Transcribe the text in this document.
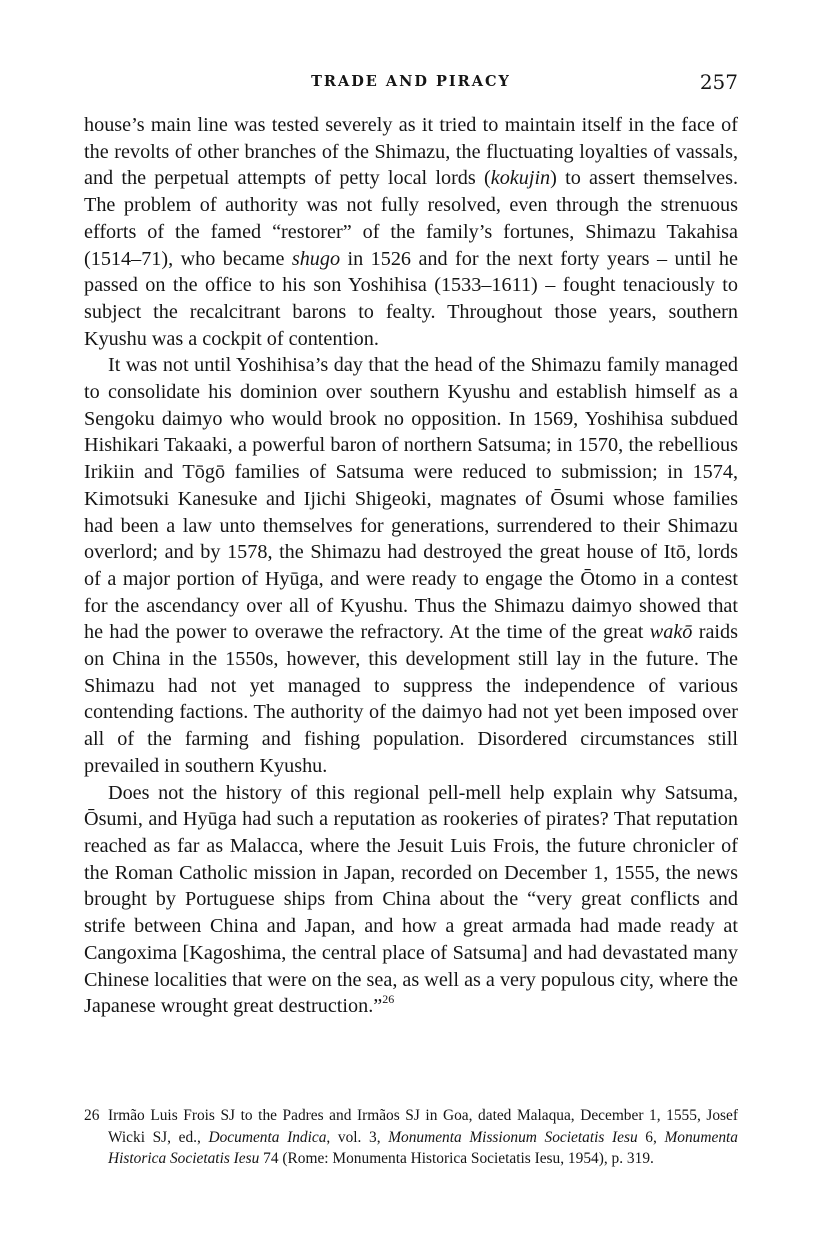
TRADE AND PIRACY	257

house’s main line was tested severely as it tried to maintain itself in the face of the revolts of other branches of the Shimazu, the fluctuating loyalties of vassals, and the perpetual attempts of petty local lords (kokujin) to assert themselves. The problem of authority was not fully resolved, even through the strenuous efforts of the famed “restorer” of the family’s fortunes, Shimazu Takahisa (1514–71), who became shugo in 1526 and for the next forty years – until he passed on the office to his son Yoshihisa (1533–1611) – fought tenaciously to subject the recalcitrant barons to fealty. Throughout those years, southern Kyushu was a cockpit of contention.

It was not until Yoshihisa’s day that the head of the Shimazu family managed to consolidate his dominion over southern Kyushu and establish himself as a Sengoku daimyo who would brook no opposition. In 1569, Yoshihisa subdued Hishikari Takaaki, a powerful baron of northern Satsuma; in 1570, the rebellious Irikiin and Tōgō families of Satsuma were reduced to submission; in 1574, Kimotsuki Kanesuke and Ijichi Shigeoki, magnates of Ōsumi whose families had been a law unto themselves for generations, surrendered to their Shimazu overlord; and by 1578, the Shimazu had destroyed the great house of Itō, lords of a major portion of Hyūga, and were ready to engage the Ōtomo in a contest for the ascendancy over all of Kyushu. Thus the Shimazu daimyo showed that he had the power to overawe the refractory. At the time of the great wakō raids on China in the 1550s, however, this development still lay in the future. The Shimazu had not yet managed to suppress the independence of various contending factions. The authority of the daimyo had not yet been imposed over all of the farming and fishing population. Disordered circumstances still prevailed in southern Kyushu.

Does not the history of this regional pell-mell help explain why Satsuma, Ōsumi, and Hyūga had such a reputation as rookeries of pirates? That reputation reached as far as Malacca, where the Jesuit Luis Frois, the future chronicler of the Roman Catholic mission in Japan, recorded on December 1, 1555, the news brought by Portuguese ships from China about the “very great conflicts and strife between China and Japan, and how a great armada had made ready at Cangoxima [Kagoshima, the central place of Satsuma] and had devastated many Chinese localities that were on the sea, as well as a very populous city, where the Japanese wrought great destruction.”$^{26}$

26 Irmão Luis Frois SJ to the Padres and Irmãos SJ in Goa, dated Malaqua, December 1, 1555, Josef Wicki SJ, ed., Documenta Indica, vol. 3, Monumenta Missionum Societatis Iesu 6, Monumenta Historica Societatis Iesu 74 (Rome: Monumenta Historica Societatis Iesu, 1954), p. 319.
